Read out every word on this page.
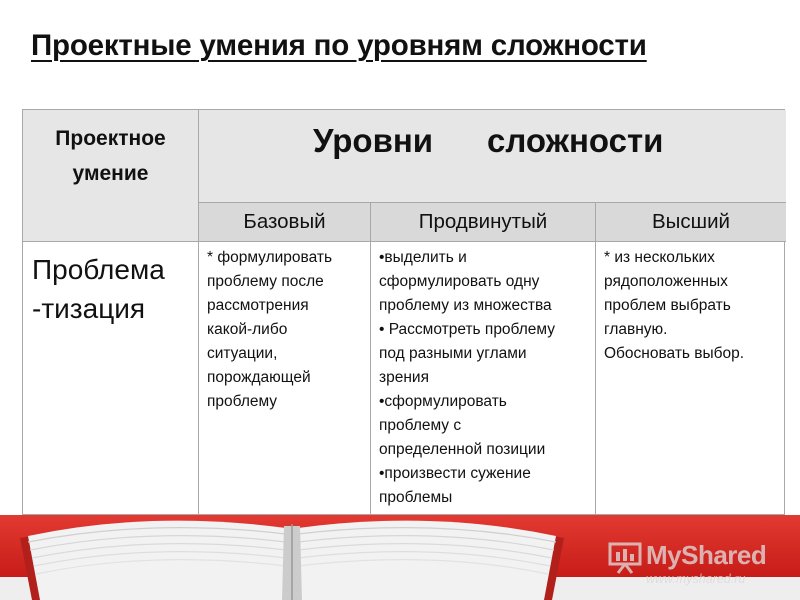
Проектные умения по уровням сложности
Проектное
умение
Уровни сложности
Базовый	Продвинутый	Высший
Проблема
-тизация

* формулировать

проблему после

рассмотрения

какой-либо

ситуации,

порождающей

проблему

•выделить и

сформулировать одну

проблему из множества

• Рассмотреть проблему

под разными углами

зрения

•сформулировать

проблему с

определенной позиции

•произвести сужение

проблемы

* из нескольких

рядоположенных

проблем выбрать

главную.

Обосновать выбор.

MyShared
www.myshared.ru
